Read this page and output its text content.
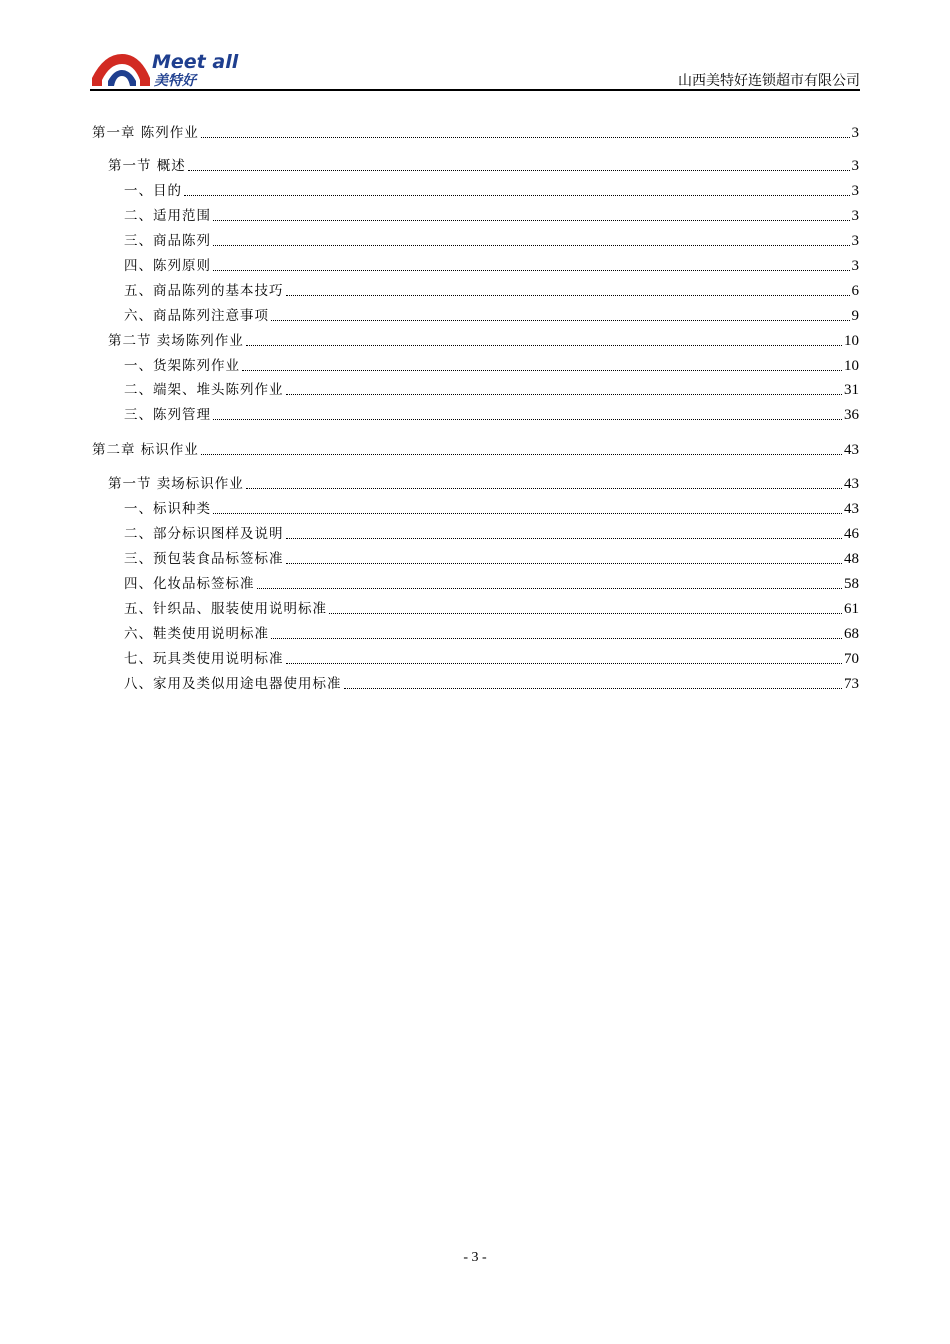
Meet all
美特好	山西美特好连锁超市有限公司
第一章 陈列作业	3
第一节 概述	3
一、目的	3
二、适用范围	3
三、商品陈列	3
四、陈列原则	3
五、商品陈列的基本技巧	6
六、商品陈列注意事项	9
第二节 卖场陈列作业	10
一、货架陈列作业	10
二、端架、堆头陈列作业	31
三、陈列管理	36
第二章 标识作业	43
第一节 卖场标识作业	43
一、标识种类	43
二、部分标识图样及说明	46
三、预包装食品标签标准	48
四、化妆品标签标准	58
五、针织品、服装使用说明标准	61
六、鞋类使用说明标准	68
七、玩具类使用说明标准	70
八、家用及类似用途电器使用标准	73
- 3 -
